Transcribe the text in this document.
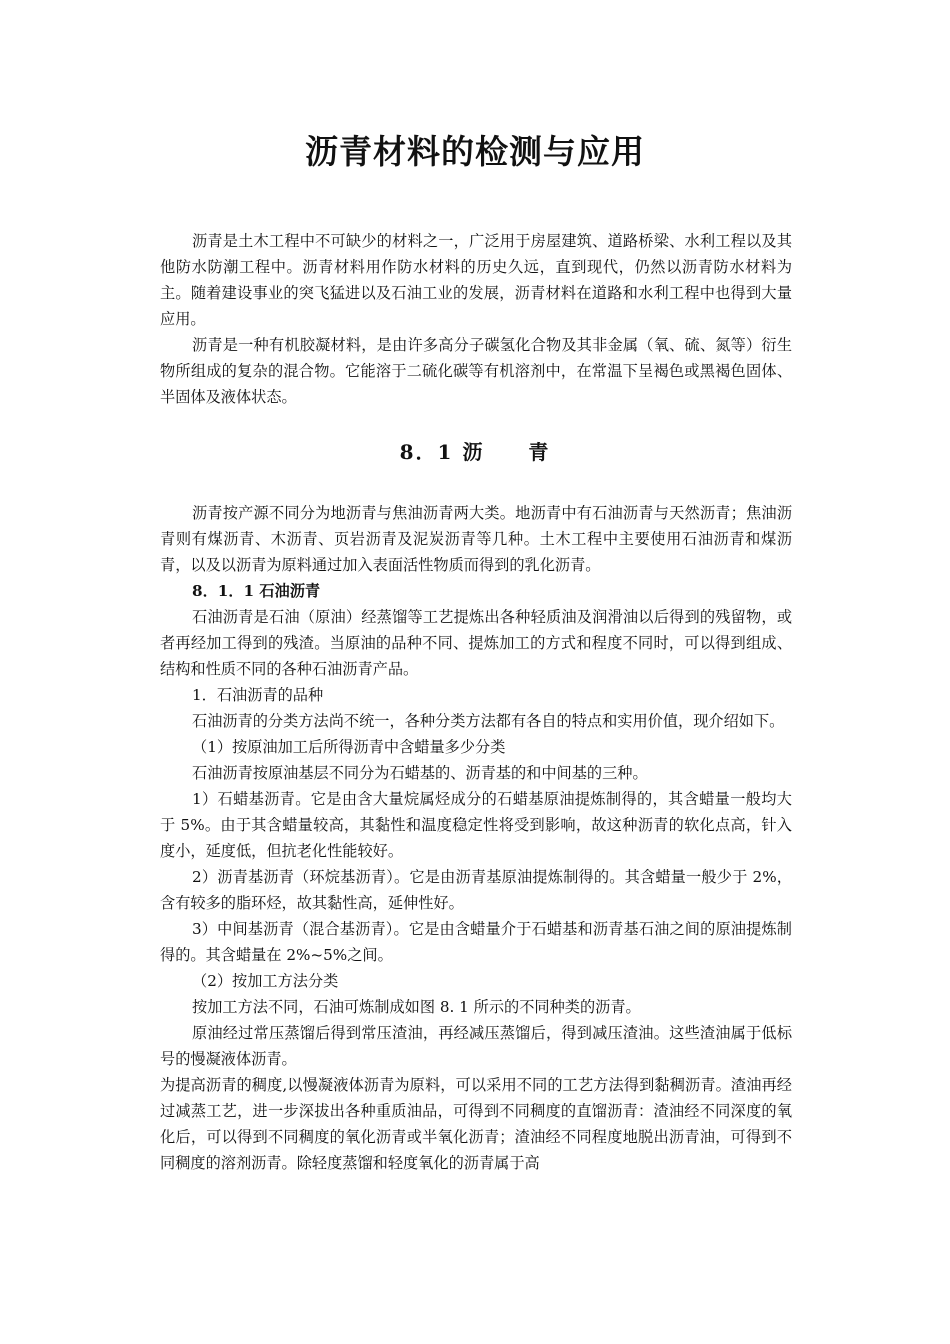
沥青材料的检测与应用

沥青是土木工程中不可缺少的材料之一，广泛用于房屋建筑、道路桥梁、水利工程以及其他防水防潮工程中。沥青材料用作防水材料的历史久远，直到现代，仍然以沥青防水材料为主。随着建设事业的突飞猛进以及石油工业的发展，沥青材料在道路和水利工程中也得到大量应用。

沥青是一种有机胶凝材料，是由许多高分子碳氢化合物及其非金属（氧、硫、氮等）衍生物所组成的复杂的混合物。它能溶于二硫化碳等有机溶剂中，在常温下呈褐色或黑褐色固体、半固体及液体状态。

8．1 沥　　青

沥青按产源不同分为地沥青与焦油沥青两大类。地沥青中有石油沥青与天然沥青；焦油沥青则有煤沥青、木沥青、页岩沥青及泥炭沥青等几种。土木工程中主要使用石油沥青和煤沥青，以及以沥青为原料通过加入表面活性物质而得到的乳化沥青。

8．1．1 石油沥青

石油沥青是石油（原油）经蒸馏等工艺提炼出各种轻质油及润滑油以后得到的残留物，或者再经加工得到的残渣。当原油的品种不同、提炼加工的方式和程度不同时，可以得到组成、结构和性质不同的各种石油沥青产品。

1．石油沥青的品种

石油沥青的分类方法尚不统一，各种分类方法都有各自的特点和实用价值，现介绍如下。

（1）按原油加工后所得沥青中含蜡量多少分类

石油沥青按原油基层不同分为石蜡基的、沥青基的和中间基的三种。

1）石蜡基沥青。它是由含大量烷属烃成分的石蜡基原油提炼制得的，其含蜡量一般均大于 5%。由于其含蜡量较高，其黏性和温度稳定性将受到影响，故这种沥青的软化点高，针入度小，延度低，但抗老化性能较好。

2）沥青基沥青（环烷基沥青）。它是由沥青基原油提炼制得的。其含蜡量一般少于 2%，含有较多的脂环烃，故其黏性高，延伸性好。

3）中间基沥青（混合基沥青）。它是由含蜡量介于石蜡基和沥青基石油之间的原油提炼制得的。其含蜡量在 2%~5%之间。

（2）按加工方法分类

按加工方法不同，石油可炼制成如图 8. 1 所示的不同种类的沥青。

原油经过常压蒸馏后得到常压渣油，再经减压蒸馏后，得到减压渣油。这些渣油属于低标号的慢凝液体沥青。

为提高沥青的稠度,以慢凝液体沥青为原料，可以采用不同的工艺方法得到黏稠沥青。渣油再经过减蒸工艺，进一步深拔出各种重质油品，可得到不同稠度的直馏沥青：渣油经不同深度的氧化后，可以得到不同稠度的氧化沥青或半氧化沥青；渣油经不同程度地脱出沥青油，可得到不同稠度的溶剂沥青。除轻度蒸馏和轻度氧化的沥青属于高
